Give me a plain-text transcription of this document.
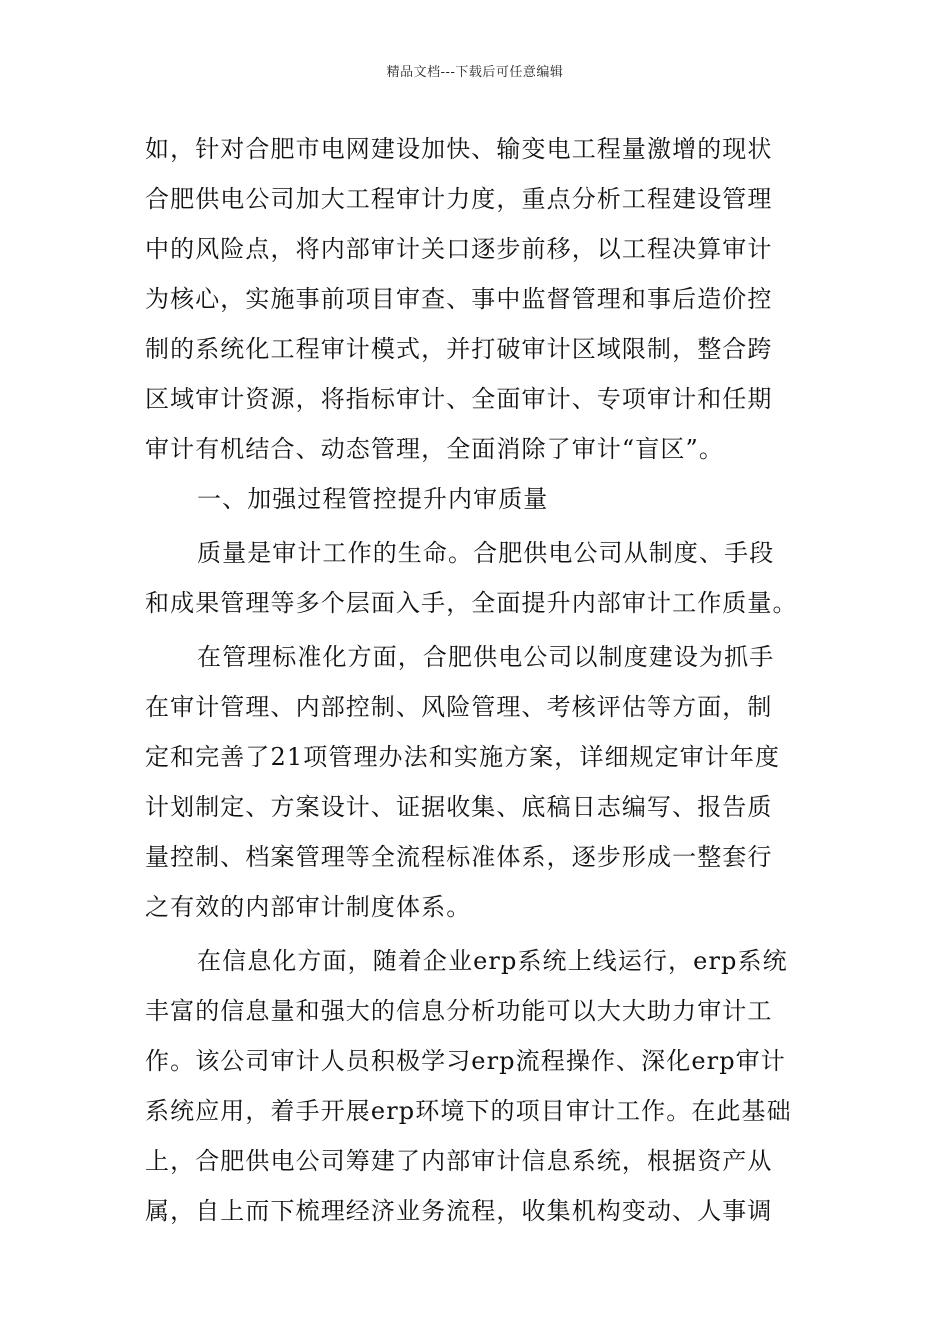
精品文档---下载后可任意编辑
如，针对合肥市电网建设加快、输变电工程量激增的现状
合肥供电公司加大工程审计力度，重点分析工程建设管理
中的风险点，将内部审计关口逐步前移，以工程决算审计
为核心，实施事前项目审查、事中监督管理和事后造价控
制的系统化工程审计模式，并打破审计区域限制，整合跨
区域审计资源，将指标审计、全面审计、专项审计和任期
审计有机结合、动态管理，全面消除了审计“盲区”。
一、加强过程管控提升内审质量
质量是审计工作的生命。合肥供电公司从制度、手段
和成果管理等多个层面入手，全面提升内部审计工作质量。
在管理标准化方面，合肥供电公司以制度建设为抓手
在审计管理、内部控制、风险管理、考核评估等方面，制
定和完善了21项管理办法和实施方案，详细规定审计年度
计划制定、方案设计、证据收集、底稿日志编写、报告质
量控制、档案管理等全流程标准体系，逐步形成一整套行
之有效的内部审计制度体系。
在信息化方面，随着企业erp系统上线运行，erp系统
丰富的信息量和强大的信息分析功能可以大大助力审计工
作。该公司审计人员积极学习erp流程操作、深化erp审计
系统应用，着手开展erp环境下的项目审计工作。在此基础
上，合肥供电公司筹建了内部审计信息系统，根据资产从
属，自上而下梳理经济业务流程，收集机构变动、人事调
